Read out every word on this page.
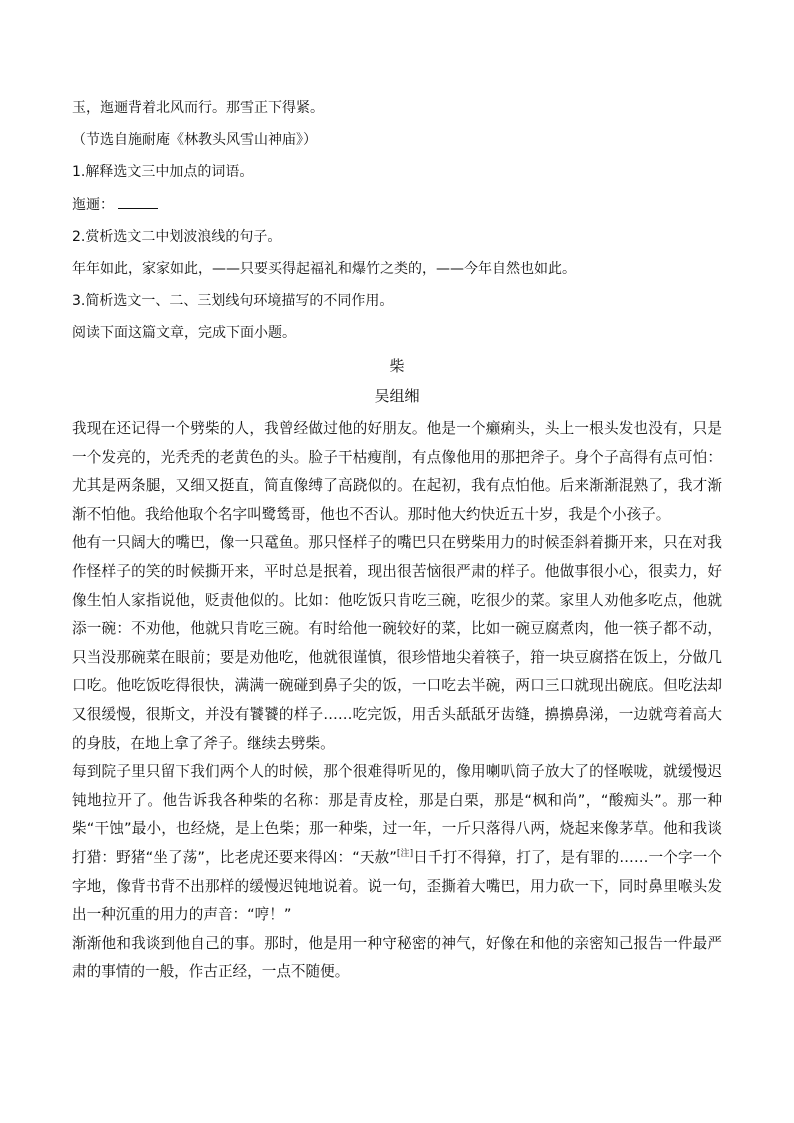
玉，迤逦背着北风而行。那雪正下得紧。
（节选自施耐庵《林教头风雪山神庙》）
1.解释选文三中加点的词语。
迤逦：
2.赏析选文二中划波浪线的句子。
年年如此，家家如此，——只要买得起福礼和爆竹之类的，——今年自然也如此。
3.简析选文一、二、三划线句环境描写的不同作用。
阅读下面这篇文章，完成下面小题。
柴
吴组缃

我现在还记得一个劈柴的人，我曾经做过他的好朋友。他是一个癞痢头，头上一根头发也没有，只是一个发亮的，光秃秃的老黄色的头。脸子干枯瘦削，有点像他用的那把斧子。身个子高得有点可怕：尤其是两条腿，又细又挺直，简直像缚了高跷似的。在起初，我有点怕他。后来渐渐混熟了，我才渐渐不怕他。我给他取个名字叫鹭鸶哥，他也不否认。那时他大约快近五十岁，我是个小孩子。

他有一只阔大的嘴巴，像一只鼋鱼。那只怪样子的嘴巴只在劈柴用力的时候歪斜着撕开来，只在对我作怪样子的笑的时候撕开来，平时总是抿着，现出很苦恼很严肃的样子。他做事很小心，很卖力，好像生怕人家指说他，贬责他似的。比如：他吃饭只肯吃三碗，吃很少的菜。家里人劝他多吃点，他就添一碗：不劝他，他就只肯吃三碗。有时给他一碗较好的菜，比如一碗豆腐煮肉，他一筷子都不动，只当没那碗菜在眼前；要是劝他吃，他就很谨慎，很珍惜地尖着筷子，箝一块豆腐搭在饭上，分做几口吃。他吃饭吃得很快，满满一碗碰到鼻子尖的饭，一口吃去半碗，两口三口就现出碗底。但吃法却又很缓慢，很斯文，并没有饕饕的样子……吃完饭，用舌头舐舐牙齿缝，擤擤鼻涕，一边就弯着高大的身肢，在地上拿了斧子。继续去劈柴。

每到院子里只留下我们两个人的时候，那个很难得听见的，像用喇叭筒子放大了的怪喉咙，就缓慢迟钝地拉开了。他告诉我各种柴的名称：那是青皮栓，那是白栗，那是“枫和尚”，“酸痴头”。那一种柴“干蚀”最小，也经烧，是上色柴；那一种柴，过一年，一斤只落得八两，烧起来像茅草。他和我谈打猎：野猪“坐了荡”，比老虎还要来得凶：“天赦”[注]日千打不得獐，打了，是有罪的……一个字一个字地，像背书背不出那样的缓慢迟钝地说着。说一句，歪撕着大嘴巴，用力砍一下，同时鼻里喉头发出一种沉重的用力的声音：“哼！”

渐渐他和我谈到他自己的事。那时，他是用一种守秘密的神气，好像在和他的亲密知己报告一件最严肃的事情的一般，作古正经，一点不随便。
